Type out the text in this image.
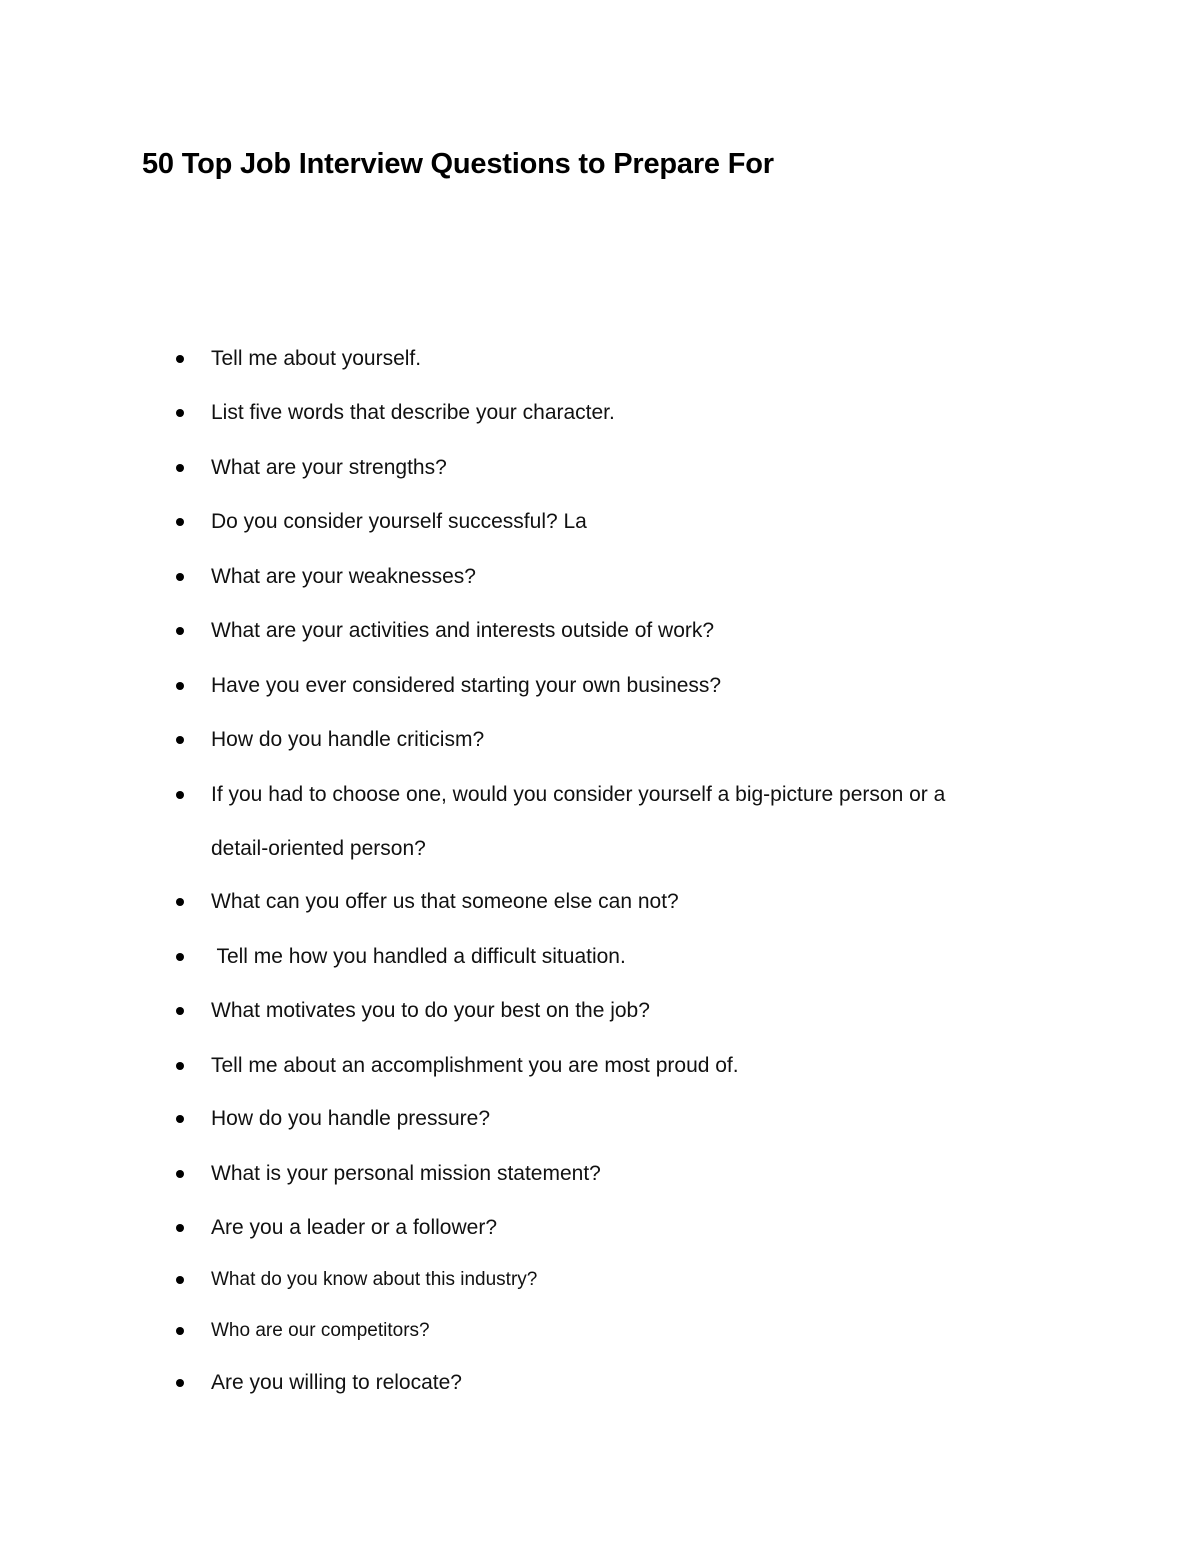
50 Top Job Interview Questions to Prepare For
Tell me about yourself.
List five words that describe your character.
What are your strengths?
Do you consider yourself successful? La
What are your weaknesses?
What are your activities and interests outside of work?
Have you ever considered starting your own business?
How do you handle criticism?
If you had to choose one, would you consider yourself a big-picture person or a
detail-oriented person?
What can you offer us that someone else can not?
Tell me how you handled a difficult situation.
What motivates you to do your best on the job?
Tell me about an accomplishment you are most proud of.
How do you handle pressure?
What is your personal mission statement?
Are you a leader or a follower?
What do you know about this industry?
Who are our competitors?
Are you willing to relocate?
